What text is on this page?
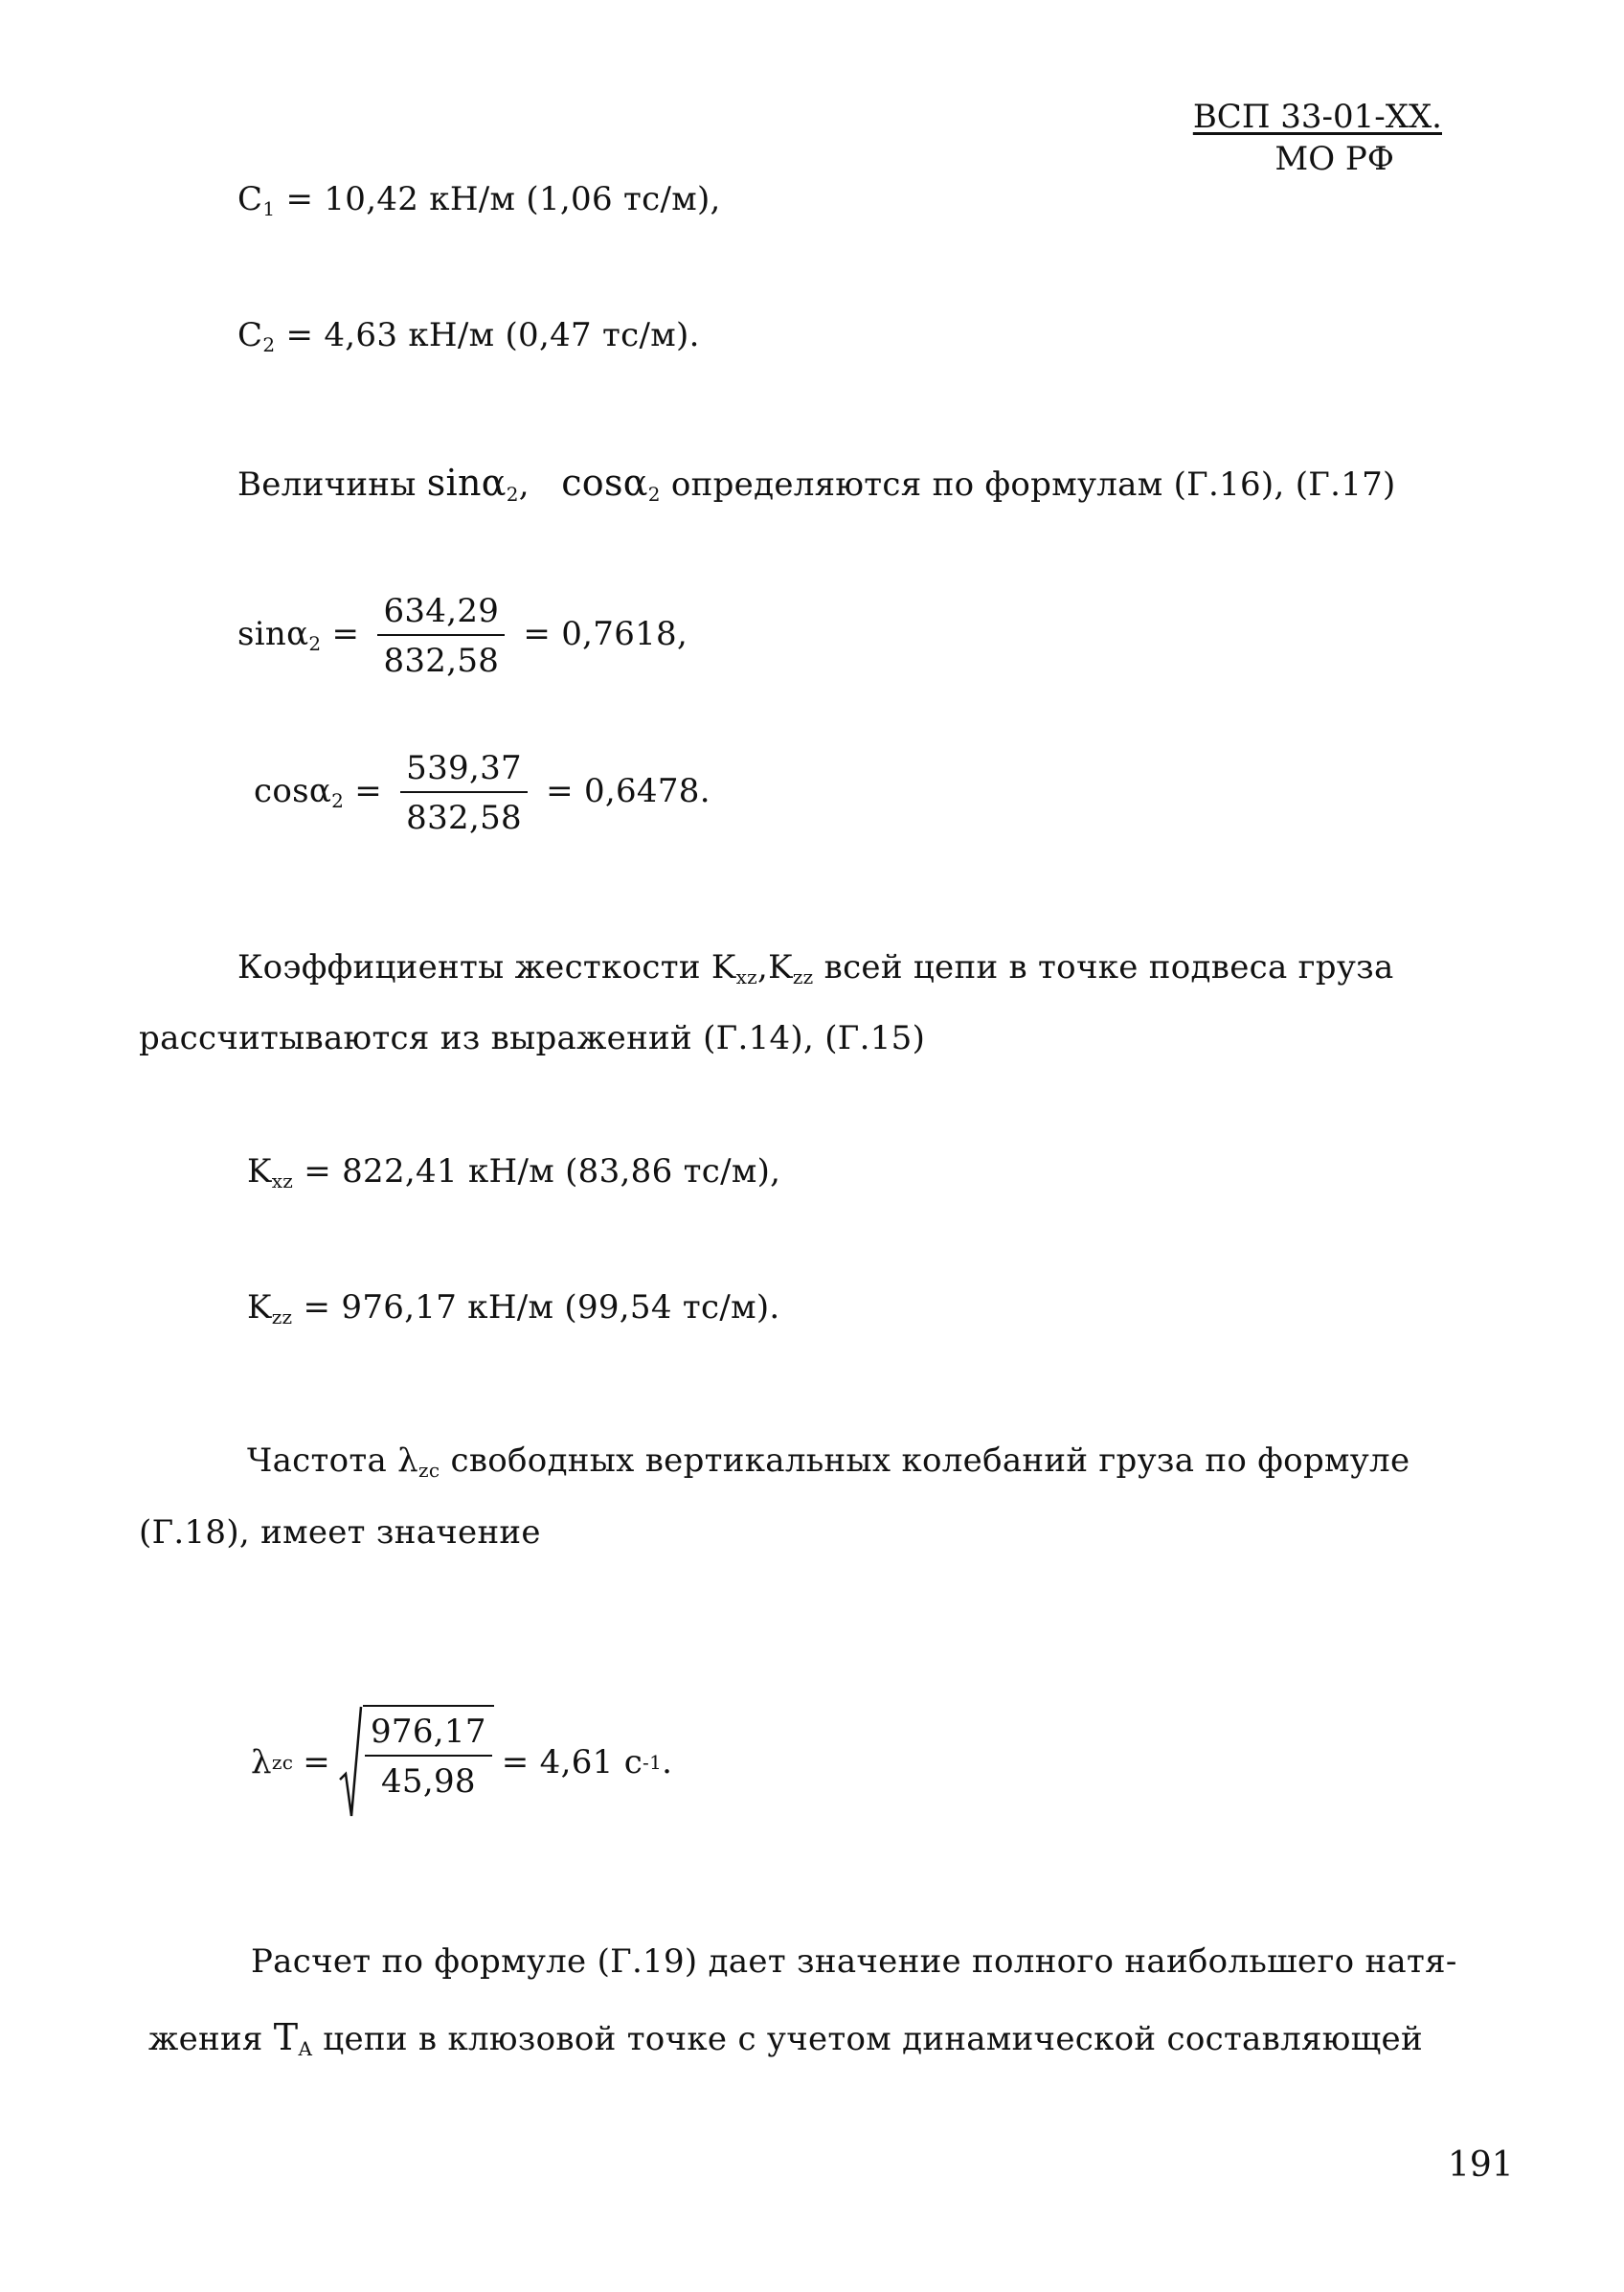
ВСП 33-01-ХХ.
МО РФ
$C_1 = 10,42$ кН/м (1,06 тс/м),
$C_2 = 4,63$ кН/м (0,47 тс/м).
Величины sinα$_2$,   cosα$_2$ определяются по формулам (Г.16), (Г.17)
$\sin\alpha_2 = \frac{634,29}{832,58} = 0,7618$,
$\cos\alpha_2 = \frac{539,37}{832,58} = 0,6478$.
Коэффициенты жесткости $K_{xz},K_{zz}$ всей цепи в точке подвеса груза
рассчитываются из выражений (Г.14), (Г.15)
$K_{xz} = 822,41$ кН/м (83,86 тс/м),
$K_{zz} = 976,17$ кН/м (99,54 тс/м).
Частота $\lambda_{zc}$ свободных вертикальных колебаний груза по формуле
(Г.18), имеет значение
λ zc = $\frac{976,17}{45,98} = 4,61$ с -1 .
Расчет по формуле (Г.19) дает значение полного наибольшего натя-
жения $T_A$ цепи в клюзовой точке с учетом динамической составляющей
191
